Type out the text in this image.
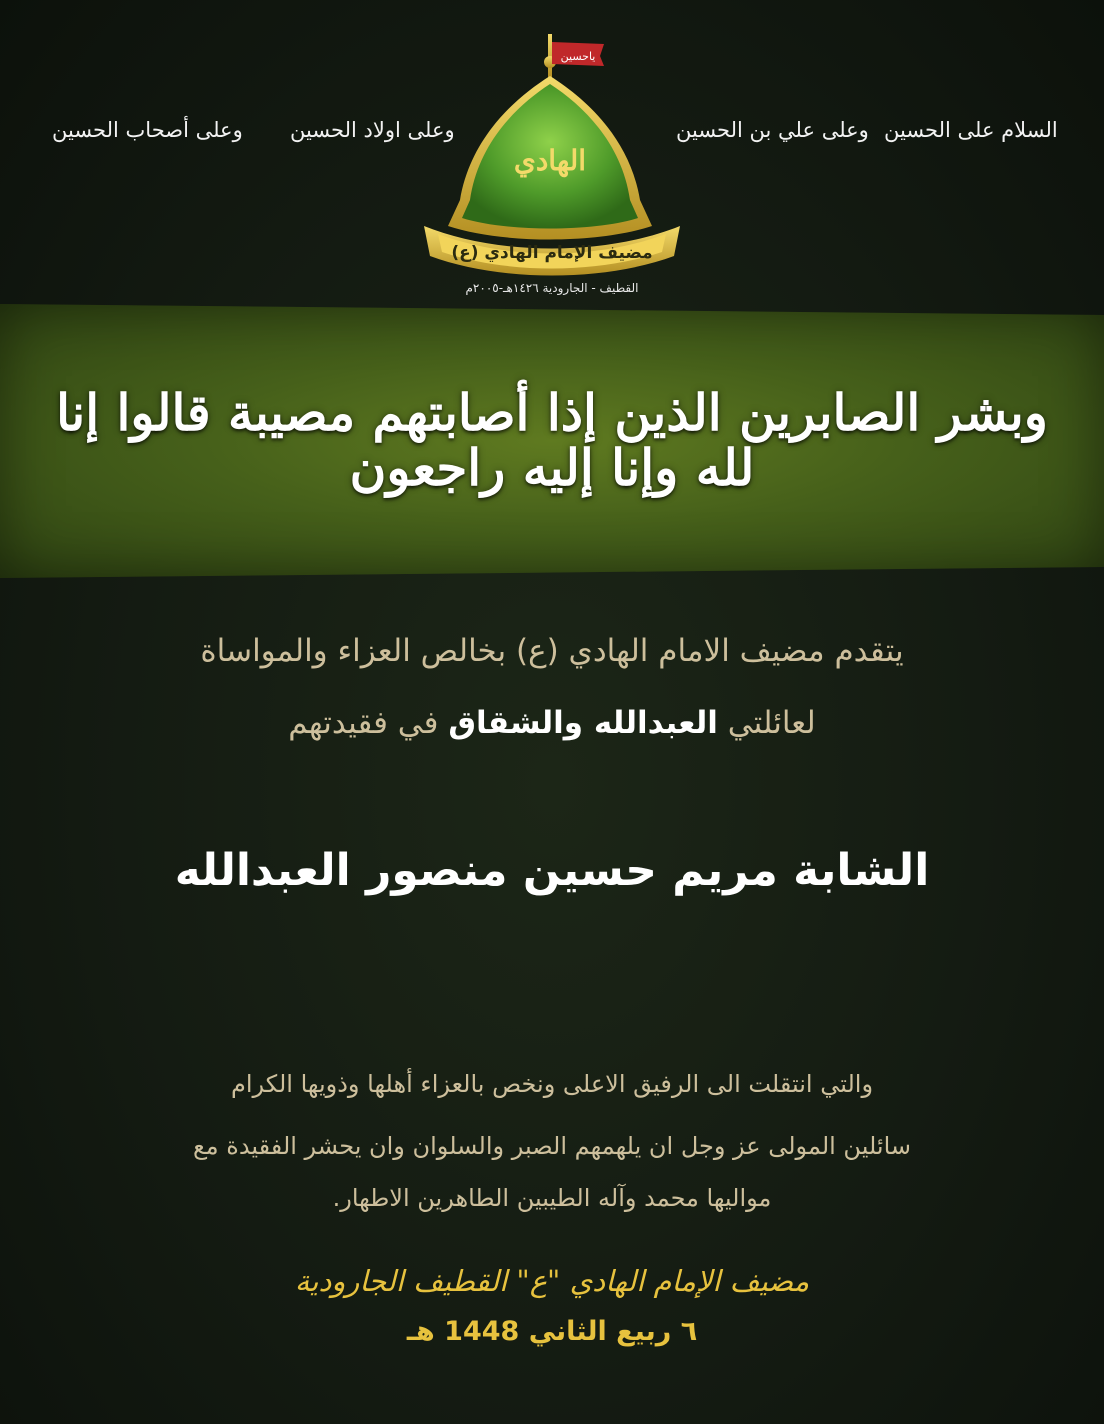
السلام على الحسين
وعلى علي بن الحسين
وعلى اولاد الحسين
وعلى أصحاب الحسين
ياحسين
الهادي
مضيف الإمام الهادي (ع)
القطيف - الجارودية ١٤٢٦هـ-٢٠٠٥م
وبشر الصابرين الذين إذا أصابتهم مصيبة قالوا إنا لله وإنا إليه راجعون
يتقدم مضيف الامام الهادي (ع) بخالص العزاء والمواساة
لعائلتي العبدالله والشقاق في فقيدتهم
الشابة مريم حسين منصور العبدالله
والتي انتقلت الى الرفيق الاعلى ونخص بالعزاء أهلها وذويها الكرام
سائلين المولى عز وجل ان يلهمهم الصبر والسلوان وان يحشر الفقيدة مع
مواليها محمد وآله الطيبين الطاهرين الاطهار.
مضيف الإمام الهادي "ع" القطيف الجارودية
٦ ربيع الثاني 1448 هـ
